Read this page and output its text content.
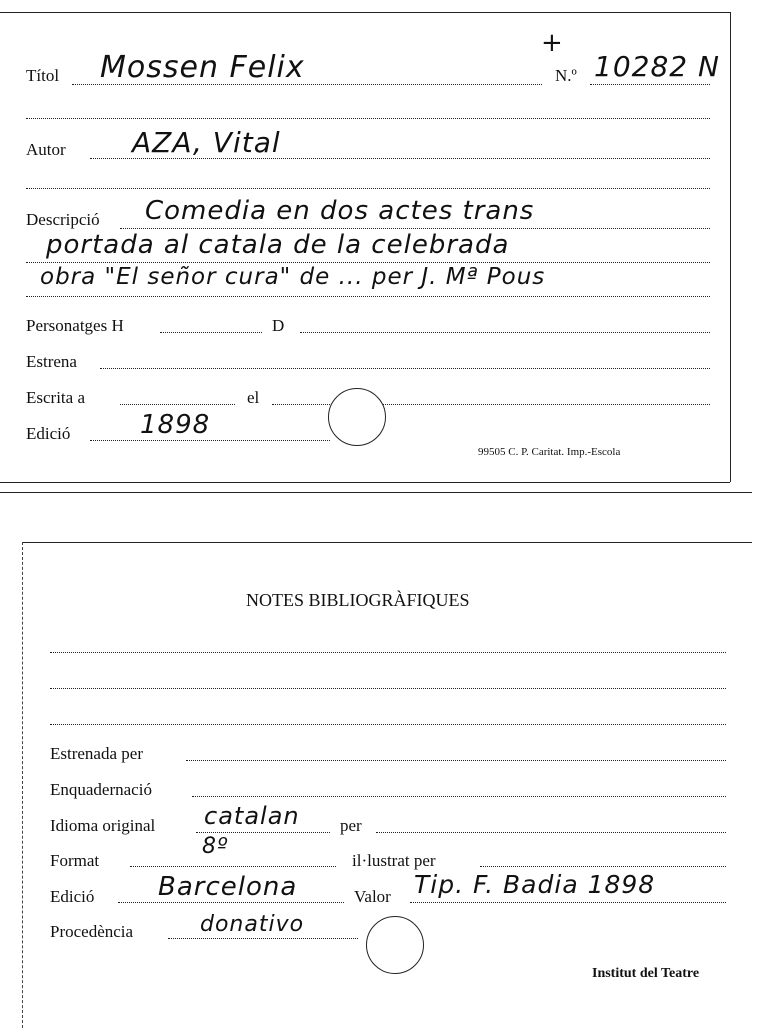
Títol Mossen Felix
+
N.º 10282 N
Autor AZA, Vital
Descripció Comedia en dos actes trans
portada al catala de la celebrada
obra "El señor cura" de ... per J. Mª Pous
Personatges H	D
Estrena
Escrita a	el
Edició	1898
99505 C. P. Caritat. Imp.-Escola
NOTES BIBLIOGRÀFIQUES
Estrenada per
Enquadernació
Idioma original catalan per
Format
8º
il·lustrat per
Edició Barcelona	Valor Tip. F. Badia 1898
Procedència	donativo
Institut del Teatre
